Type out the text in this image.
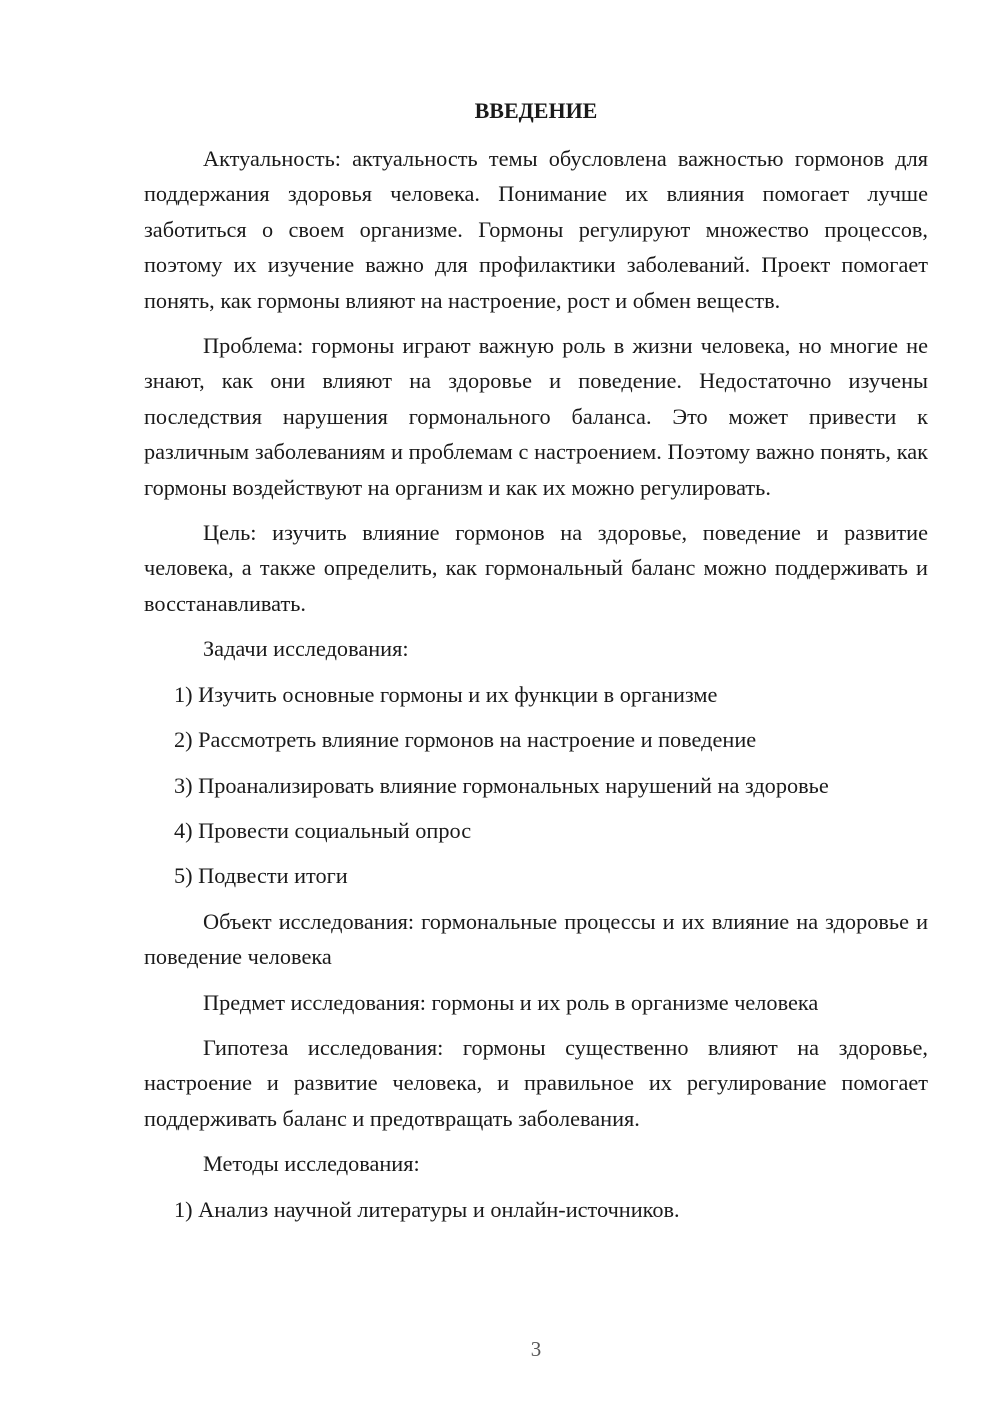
ВВЕДЕНИЕ

Актуальность: актуальность темы обусловлена важностью гормонов для поддержания здоровья человека. Понимание их влияния помогает лучше заботиться о своем организме. Гормоны регулируют множество процессов, поэтому их изучение важно для профилактики заболеваний. Проект помогает понять, как гормоны влияют на настроение, рост и обмен веществ.

Проблема: гормоны играют важную роль в жизни человека, но многие не знают, как они влияют на здоровье и поведение. Недостаточно изучены последствия нарушения гормонального баланса. Это может привести к различным заболеваниям и проблемам с настроением. Поэтому важно понять, как гормоны воздействуют на организм и как их можно регулировать.

Цель: изучить влияние гормонов на здоровье, поведение и развитие человека, а также определить, как гормональный баланс можно поддерживать и восстанавливать.

Задачи исследования:

1) Изучить основные гормоны и их функции в организме

2) Рассмотреть влияние гормонов на настроение и поведение

3) Проанализировать влияние гормональных нарушений на здоровье

4) Провести социальный опрос

5) Подвести итоги

Объект исследования: гормональные процессы и их влияние на здоровье и поведение человека

Предмет исследования: гормоны и их роль в организме человека

Гипотеза исследования: гормоны существенно влияют на здоровье, настроение и развитие человека, и правильное их регулирование помогает поддерживать баланс и предотвращать заболевания.

Методы исследования:

1) Анализ научной литературы и онлайн-источников.

3
